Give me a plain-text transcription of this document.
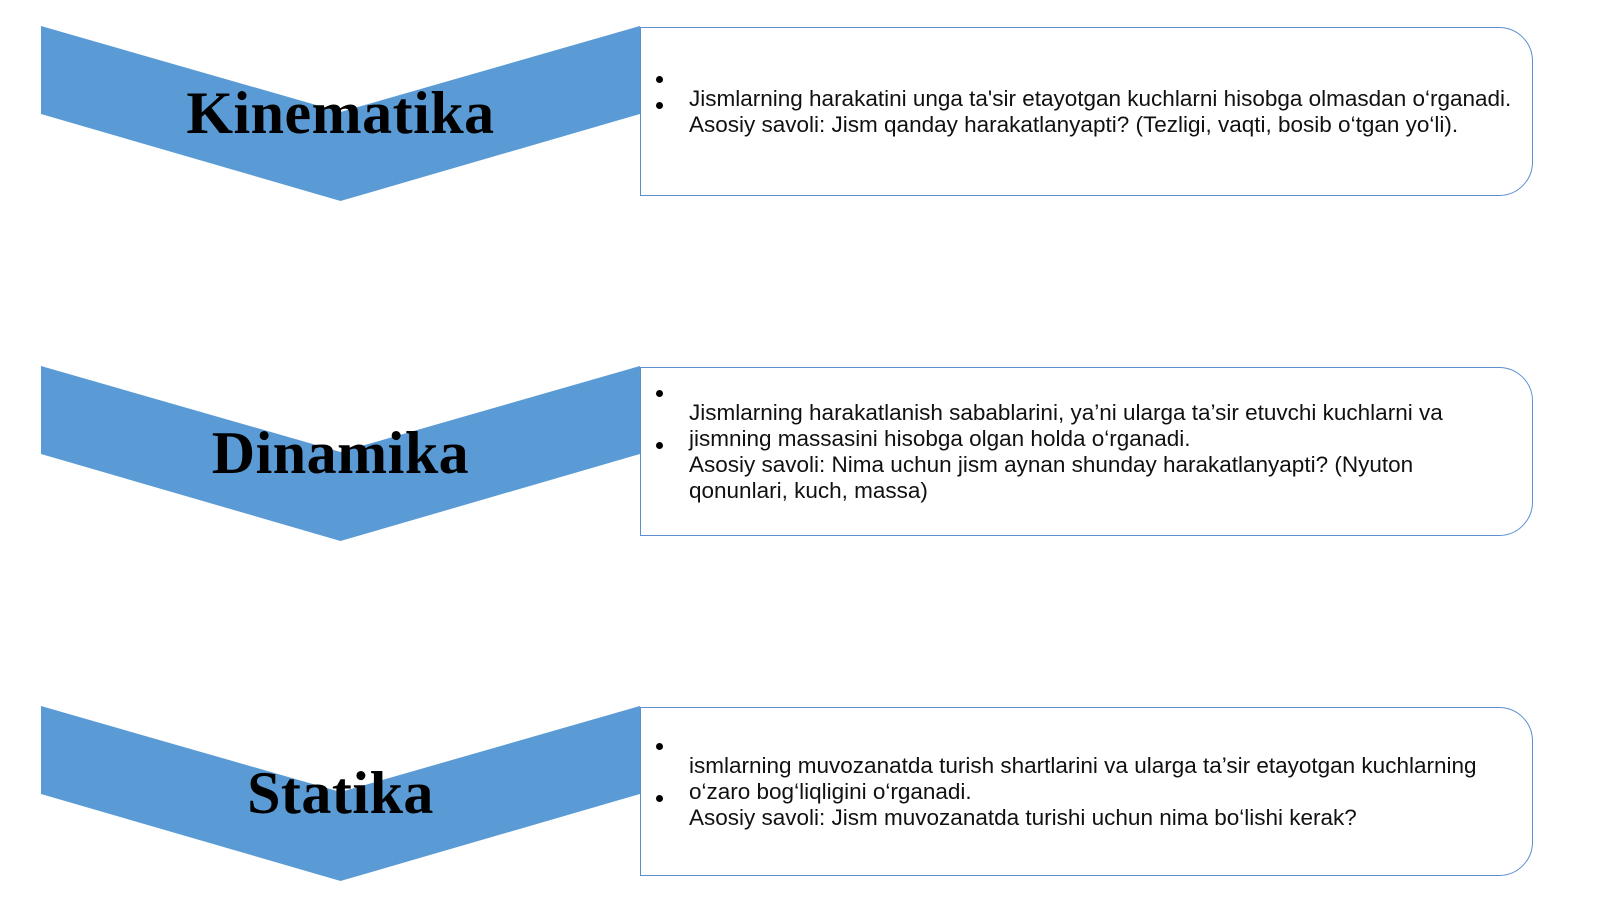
Kinematika	Jismlarning harakatini unga ta'sir etayotgan kuchlarni hisobga olmasdan o‘rganadi.
Asosiy savoli: Jism qanday harakatlanyapti? (Tezligi, vaqti, bosib o‘tgan yo‘li).
Dinamika
Jismlarning harakatlanish sabablarini, ya’ni ularga ta’sir etuvchi kuchlarni va jismning massasini hisobga olgan holda o‘rganadi.
Asosiy savoli: Nima uchun jism aynan shunday harakatlanyapti? (Nyuton qonunlari, kuch, massa)
Statika	ismlarning muvozanatda turish shartlarini va ularga ta’sir etayotgan kuchlarning o‘zaro bog‘liqligini o‘rganadi.
Asosiy savoli: Jism muvozanatda turishi uchun nima bo‘lishi kerak?
